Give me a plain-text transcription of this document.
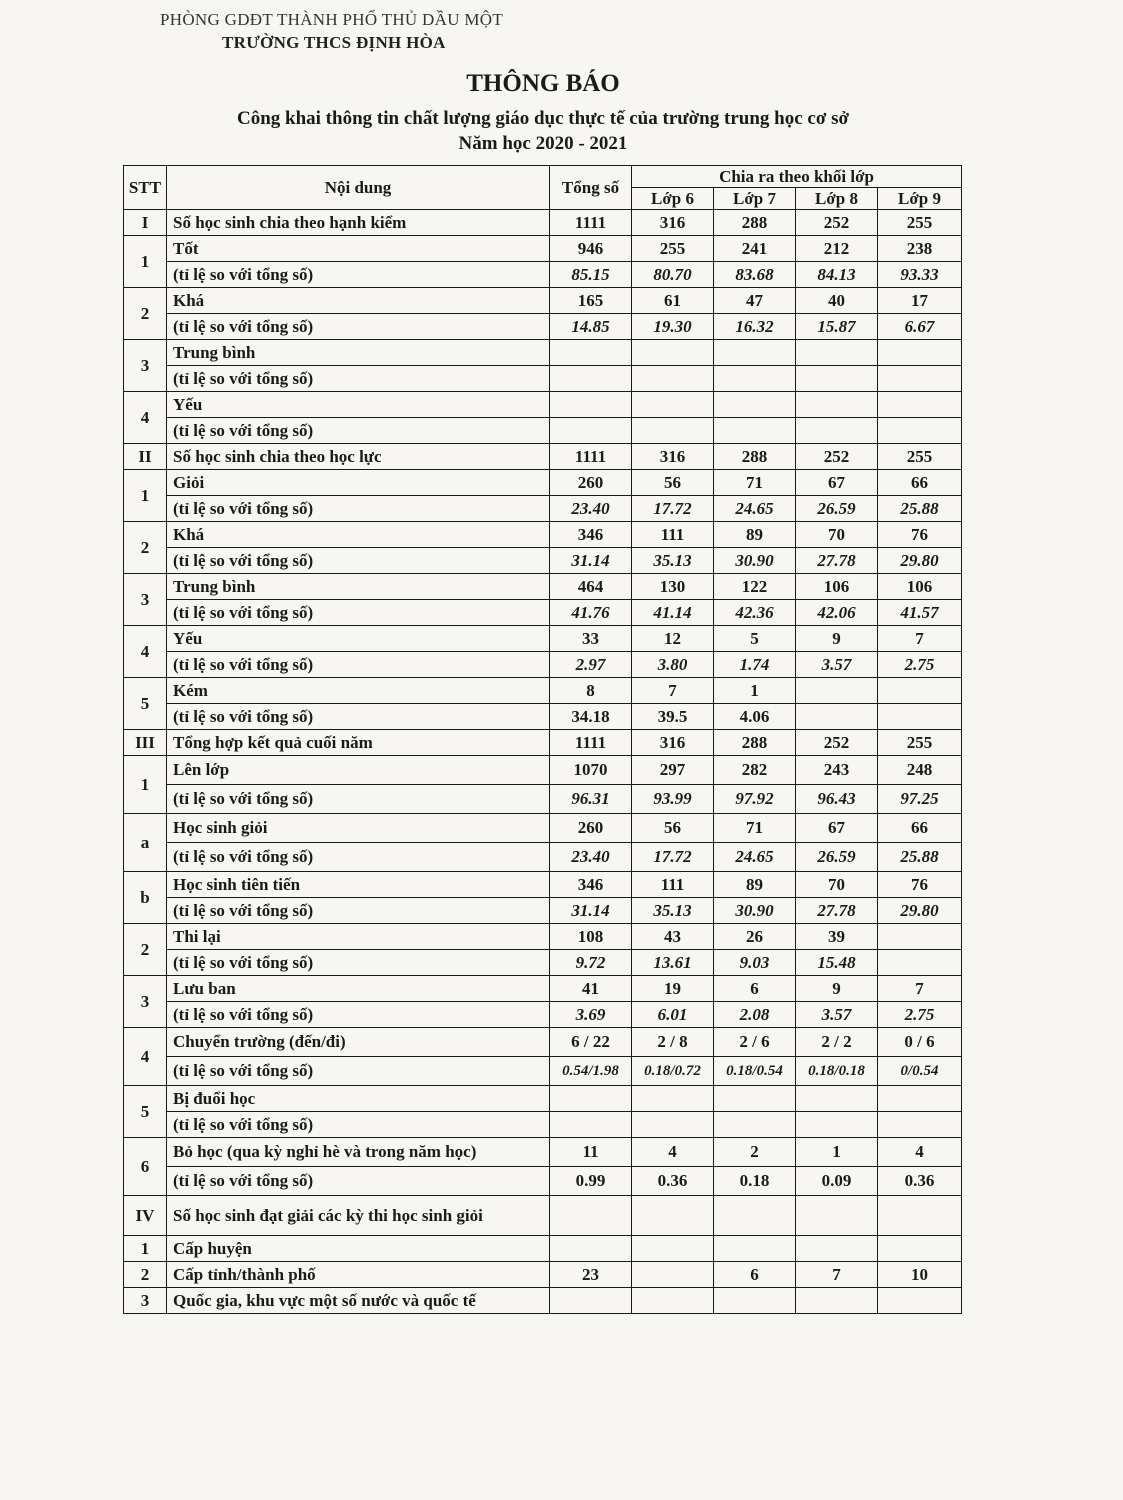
PHÒNG GDĐT THÀNH PHỐ THỦ DẦU MỘT
TRƯỜNG THCS ĐỊNH HÒA
THÔNG BÁO
Công khai thông tin chất lượng giáo dục thực tế của trường trung học cơ sở
Năm học 2020 - 2021
STT	Nội dung	Tổng số	Chia ra theo khối lớp			
			Lớp 6	Lớp 7	Lớp 8	Lớp 9
I	Số học sinh chia theo hạnh kiểm	1111	316	288	252	255
1	Tốt	946	255	241	212	238
	(tỉ lệ so với tổng số)	85.15	80.70	83.68	84.13	93.33
2	Khá	165	61	47	40	17
	(tỉ lệ so với tổng số)	14.85	19.30	16.32	15.87	6.67
3	Trung bình					
	(tỉ lệ so với tổng số)					
4	Yếu					
	(tỉ lệ so với tổng số)					
II	Số học sinh chia theo học lực	1111	316	288	252	255
1	Giỏi	260	56	71	67	66
	(tỉ lệ so với tổng số)	23.40	17.72	24.65	26.59	25.88
2	Khá	346	111	89	70	76
	(tỉ lệ so với tổng số)	31.14	35.13	30.90	27.78	29.80
3	Trung bình	464	130	122	106	106
	(tỉ lệ so với tổng số)	41.76	41.14	42.36	42.06	41.57
4	Yếu	33	12	5	9	7
	(tỉ lệ so với tổng số)	2.97	3.80	1.74	3.57	2.75
5	Kém	8	7	1		
	(tỉ lệ so với tổng số)	34.18	39.5	4.06		
III	Tổng hợp kết quả cuối năm	1111	316	288	252	255
1	Lên lớp	1070	297	282	243	248
	(tỉ lệ so với tổng số)	96.31	93.99	97.92	96.43	97.25
a	Học sinh giỏi	260	56	71	67	66
	(tỉ lệ so với tổng số)	23.40	17.72	24.65	26.59	25.88
b	Học sinh tiên tiến	346	111	89	70	76
	(tỉ lệ so với tổng số)	31.14	35.13	30.90	27.78	29.80
2	Thi lại	108	43	26	39	
	(tỉ lệ so với tổng số)	9.72	13.61	9.03	15.48	
3	Lưu ban	41	19	6	9	7
	(tỉ lệ so với tổng số)	3.69	6.01	2.08	3.57	2.75
4	Chuyển trường (đến/đi)	6 / 22	2 / 8	2 / 6	2 / 2	0 / 6
	(tỉ lệ so với tổng số)	0.54/1.98	0.18/0.72	0.18/0.54	0.18/0.18	0/0.54
5	Bị đuổi học					
	(tỉ lệ so với tổng số)					
6	Bỏ học (qua kỳ nghỉ hè và trong năm học)	11	4	2	1	4
	(tỉ lệ so với tổng số)	0.99	0.36	0.18	0.09	0.36
IV	Số học sinh đạt giải các kỳ thi học sinh giỏi					
1	Cấp huyện					
2	Cấp tỉnh/thành phố	23		6	7	10
3	Quốc gia, khu vực một số nước và quốc tế					
